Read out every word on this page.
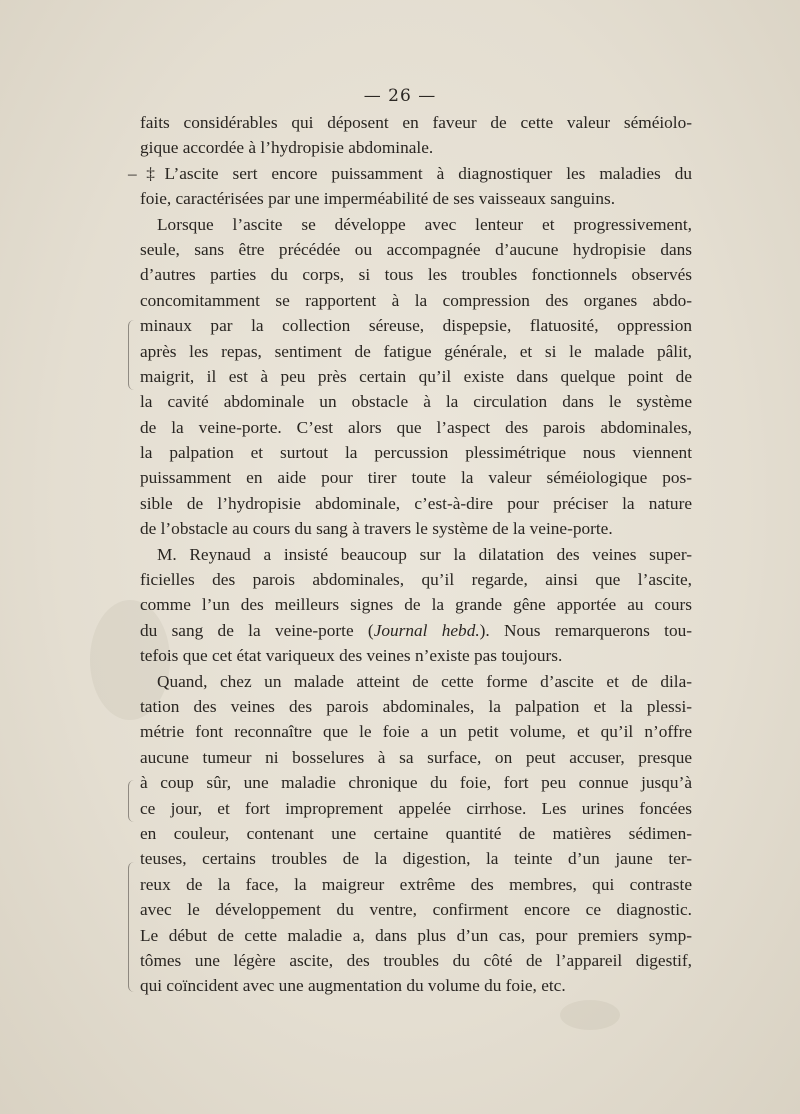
— 26 —
faits considérables qui déposent en faveur de cette valeur séméiolo-
gique accordée à l’hydropisie abdominale.
‒‡L’ascite sert encore puissamment à diagnostiquer les maladies du
foie, caractérisées par une imperméabilité de ses vaisseaux sanguins.
Lorsque l’ascite se développe avec lenteur et progressivement,
seule, sans être précédée ou accompagnée d’aucune hydropisie dans
d’autres parties du corps, si tous les troubles fonctionnels observés
concomitamment se rapportent à la compression des organes abdo-
minaux par la collection séreuse, dispepsie, flatuosité, oppression
après les repas, sentiment de fatigue générale, et si le malade pâlit,
maigrit, il est à peu près certain qu’il existe dans quelque point de
la cavité abdominale un obstacle à la circulation dans le système
de la veine-porte. C’est alors que l’aspect des parois abdominales,
la palpation et surtout la percussion plessimétrique nous viennent
puissamment en aide pour tirer toute la valeur séméiologique pos-
sible de l’hydropisie abdominale, c’est-à-dire pour préciser la nature
de l’obstacle au cours du sang à travers le système de la veine-porte.
M. Reynaud a insisté beaucoup sur la dilatation des veines super-
ficielles des parois abdominales, qu’il regarde, ainsi que l’ascite,
comme l’un des meilleurs signes de la grande gêne apportée au cours
du sang de la veine-porte (Journal hebd.). Nous remarquerons tou-
tefois que cet état variqueux des veines n’existe pas toujours.
Quand, chez un malade atteint de cette forme d’ascite et de dila-
tation des veines des parois abdominales, la palpation et la plessi-
métrie font reconnaître que le foie a un petit volume, et qu’il n’offre
aucune tumeur ni bosselures à sa surface, on peut accuser, presque
à coup sûr, une maladie chronique du foie, fort peu connue jusqu’à
ce jour, et fort improprement appelée cirrhose. Les urines foncées
en couleur, contenant une certaine quantité de matières sédimen-
teuses, certains troubles de la digestion, la teinte d’un jaune ter-
reux de la face, la maigreur extrême des membres, qui contraste
avec le développement du ventre, confirment encore ce diagnostic.
Le début de cette maladie a, dans plus d’un cas, pour premiers symp-
tômes une légère ascite, des troubles du côté de l’appareil digestif,
qui coïncident avec une augmentation du volume du foie, etc.
